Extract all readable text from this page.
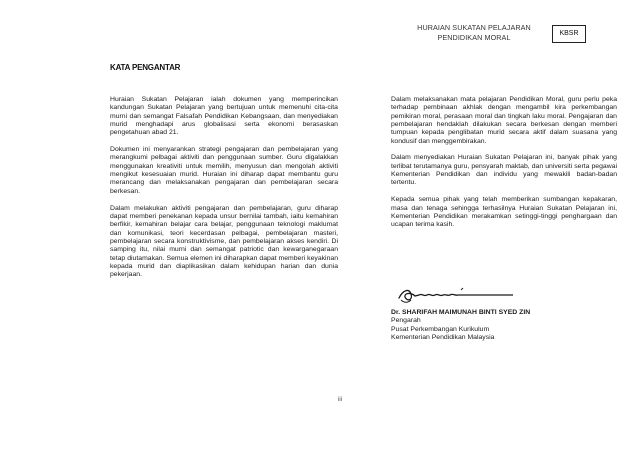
HURAIAN SUKATAN PELAJARAN
PENDIDIKAN MORAL	KBSR
KATA PENGANTAR

Huraian Sukatan Pelajaran ialah dokumen yang memperincikan kandungan Sukatan Pelajaran yang bertujuan untuk memenuhi cita-cita murni dan semangat Falsafah Pendidikan Kebangsaan, dan menyediakan murid menghadapi arus globalisasi serta ekonomi berasaskan pengetahuan abad 21.

Dokumen ini menyarankan strategi pengajaran dan pembelajaran yang merangkumi pelbagai aktiviti dan penggunaan sumber. Guru digalakkan menggunakan kreativiti untuk memilih, menyusun dan mengolah aktiviti mengikut kesesuaian murid. Huraian ini diharap dapat membantu guru merancang dan melaksanakan pengajaran dan pembelajaran secara berkesan.

Dalam melakukan aktiviti pengajaran dan pembelajaran, guru diharap dapat memberi penekanan kepada unsur bernilai tambah, iaitu kemahiran berfikir, kemahiran belajar cara belajar, penggunaan teknologi maklumat dan komunikasi, teori kecerdasan pelbagai, pembelajaran masteri, pembelajaran secara konstruktivisme, dan pembelajaran akses kendiri. Di samping itu, nilai murni dan semangat patriotic dan kewarganegaraan tetap diutamakan. Semua elemen ini diharapkan dapat memberi keyakinan kepada murid dan diaplikasikan dalam kehidupan harian dan dunia pekerjaan.

Dalam melaksanakan mata pelajaran Pendidikan Moral, guru perlu peka terhadap pembinaan akhlak dengan mengambil kira perkembangan pemikiran moral, perasaan moral dan tingkah laku moral. Pengajaran dan pembelajaran hendaklah dilakukan secara berkesan dengan memberi tumpuan kepada penglibatan murid secara aktif dalam suasana yang kondusif dan menggembirakan.

Dalam menyediakan Huraian Sukatan Pelajaran ini, banyak pihak yang terlibat terutamanya guru, pensyarah maktab, dan universiti serta pegawai Kementerian Pendidikan dan individu yang mewakili badan-badan tertentu.

Kepada semua pihak yang telah memberikan sumbangan kepakaran, masa dan tenaga sehingga terhasilnya Huraian Sukatan Pelajaran ini, Kementerian Pendidikan merakamkan setinggi-tinggi penghargaan dan ucapan terima kasih.

Dr. SHARIFAH MAIMUNAH BINTI SYED ZIN
Pengarah
Pusat Perkembangan Kurikulum
Kementerian Pendidikan Malaysia
iii
